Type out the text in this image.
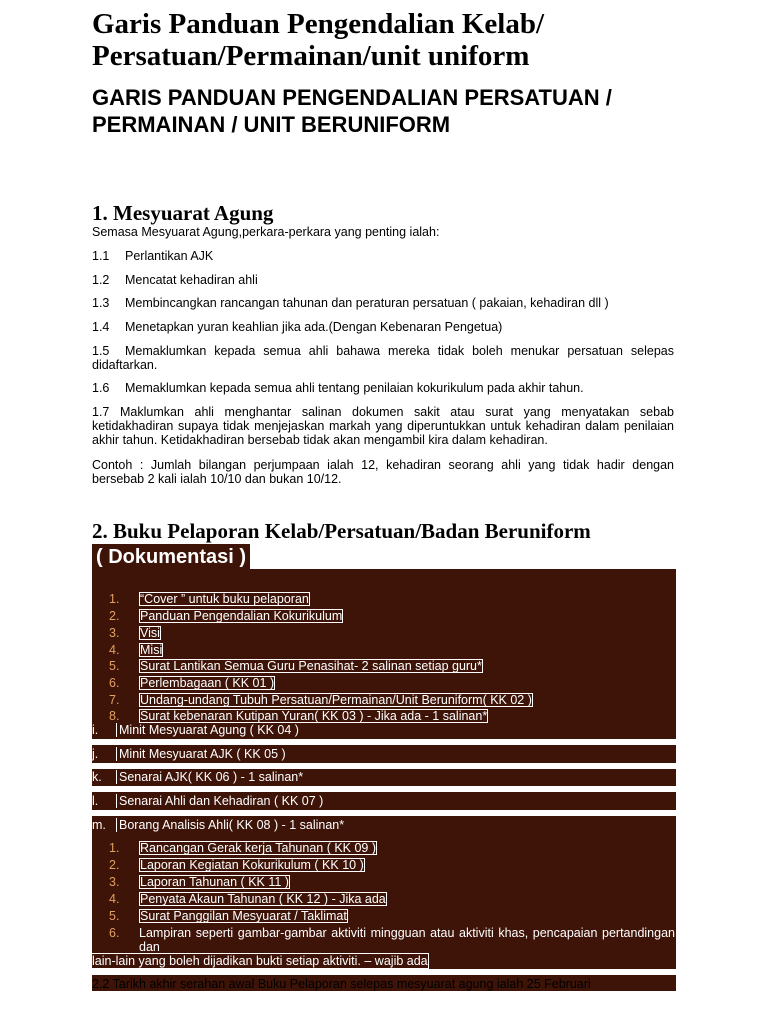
Garis Panduan Pengendalian Kelab/ Persatuan/Permainan/unit uniform
GARIS PANDUAN PENGENDALIAN PERSATUAN / PERMAINAN / UNIT BERUNIFORM
1. Mesyuarat Agung

Semasa Mesyuarat Agung,perkara-perkara yang penting ialah:

1.1 Perlantikan AJK

1.2 Mencatat kehadiran ahli

1.3 Membincangkan rancangan tahunan dan peraturan persatuan ( pakaian, kehadiran dll )

1.4 Menetapkan yuran keahlian jika ada.(Dengan Kebenaran Pengetua)

1.5 Memaklumkan kepada semua ahli bahawa mereka tidak boleh menukar persatuan selepas didaftarkan.

1.6 Memaklumkan kepada semua ahli tentang penilaian kokurikulum pada akhir tahun.

1.7 Maklumkan ahli menghantar salinan dokumen sakit atau surat yang menyatakan sebab ketidakhadiran supaya tidak menjejaskan markah yang diperuntukkan untuk kehadiran dalam penilaian akhir tahun. Ketidakhadiran bersebab tidak akan mengambil kira dalam kehadiran.

Contoh : Jumlah bilangan perjumpaan ialah 12, kehadiran seorang ahli yang tidak hadir dengan bersebab 2 kali ialah 10/10 dan bukan 10/12.

2. Buku Pelaporan Kelab/Persatuan/Badan Beruniform
( Dokumentasi )

1. “Cover ” untuk buku pelaporan
2. Panduan Pengendalian Kokurikulum
3. Visi
4. Misi
5. Surat Lantikan Semua Guru Penasihat- 2 salinan setiap guru*
6. Perlembagaan ( KK 01 )
7. Undang-undang Tubuh Persatuan/Permainan/Unit Beruniform( KK 02 )
8. Surat kebenaran Kutipan Yuran( KK 03 ) - Jika ada - 1 salinan*
i. Minit Mesyuarat Agung ( KK 04 )
j. Minit Mesyuarat AJK ( KK 05 )
k. Senarai AJK( KK 06 ) - 1 salinan*
l. Senarai Ahli dan Kehadiran ( KK 07 )
m. Borang Analisis Ahli( KK 08 ) - 1 salinan*
1. Rancangan Gerak kerja Tahunan ( KK 09 )
2. Laporan Kegiatan Kokurikulum ( KK 10 )
3. Laporan Tahunan ( KK 11 )
4. Penyata Akaun Tahunan ( KK 12 ) - Jika ada
5. Surat Panggilan Mesyuarat / Taklimat
6. Lampiran seperti gambar-gambar aktiviti mingguan atau aktiviti khas, pencapaian pertandingan dan
lain-lain yang boleh dijadikan bukti setiap aktiviti. – wajib ada
2.2 Tarikh akhir serahan awal Buku Pelaporan selepas mesyuarat agung ialah 25 Februari
